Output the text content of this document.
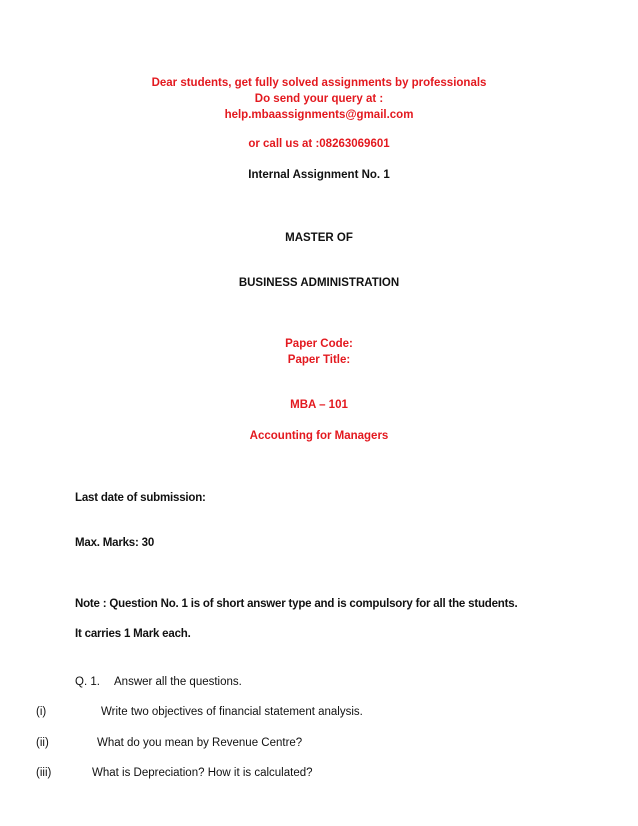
Dear students, get fully solved assignments by professionals
Do send your query at :
help.mbaassignments@gmail.com
or call us at :08263069601
Internal Assignment No. 1
MASTER OF
BUSINESS ADMINISTRATION
Paper Code:
Paper Title:
MBA – 101
Accounting for Managers
Last date of submission:
Max. Marks: 30
Note : Question No. 1 is of short answer type and is compulsory for all the students.
It carries 1 Mark each.
Q. 1. Answer all the questions.
(i)	Write two objectives of financial statement analysis.
(ii)	What do you mean by Revenue Centre?
(iii)	What is Depreciation? How it is calculated?
